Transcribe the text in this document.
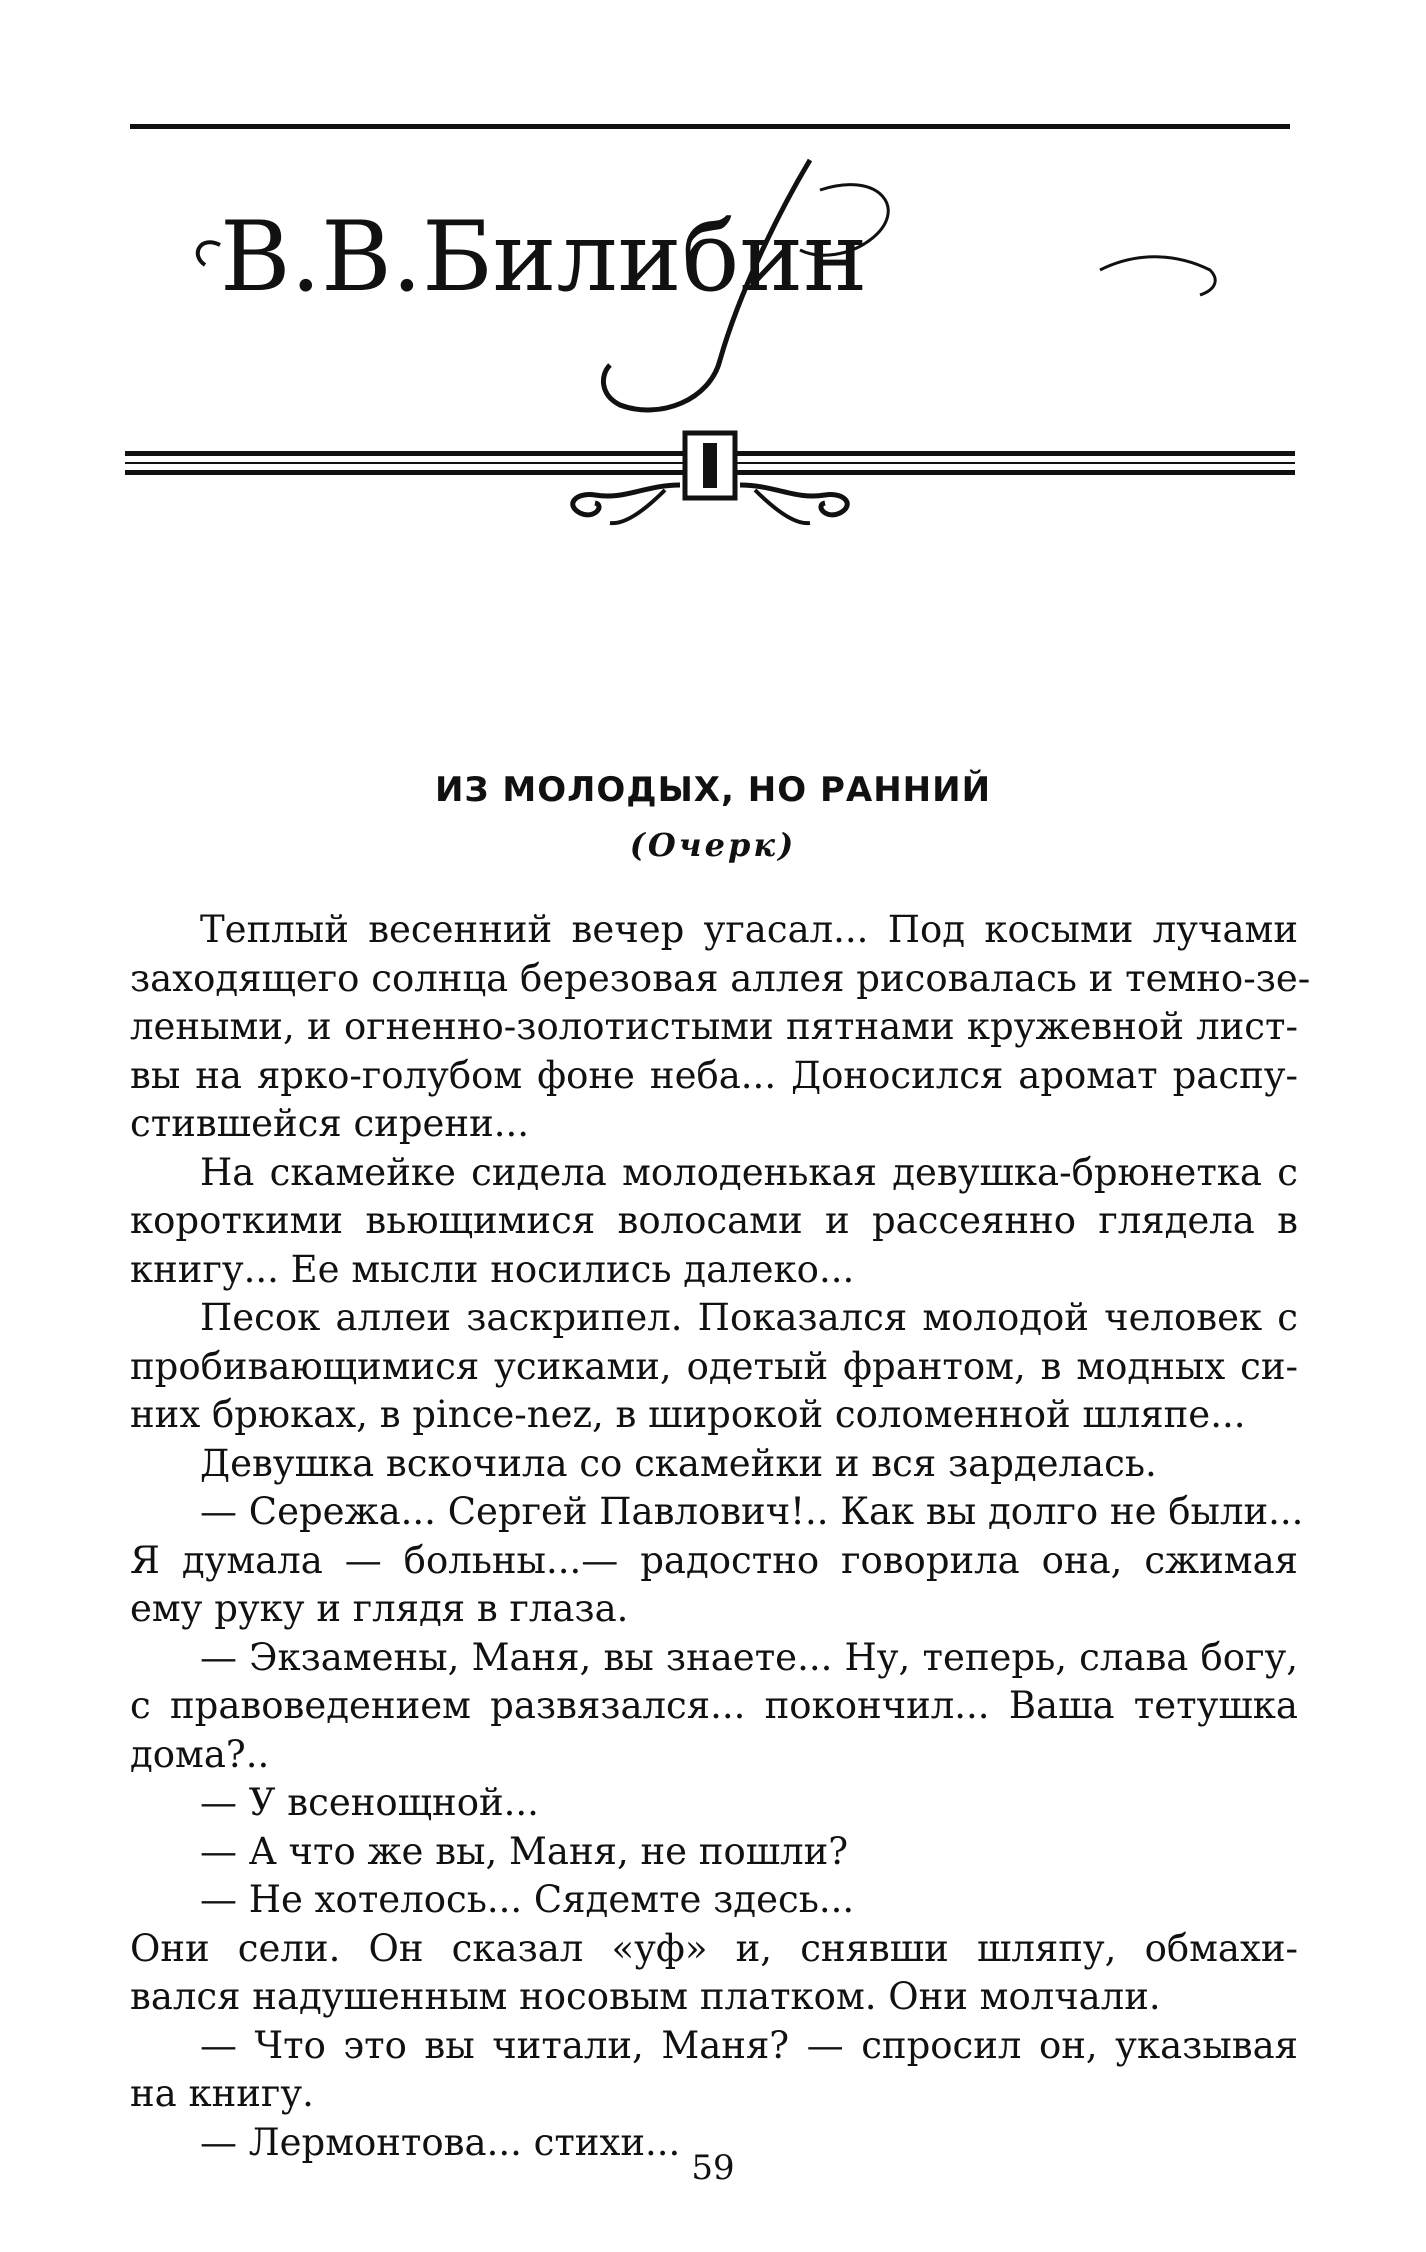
В.В.Билибин
ИЗ МОЛОДЫХ, НО РАННИЙ
(Очерк)
Теплый весенний вечер угасал... Под косыми лучами
заходящего солнца березовая аллея рисовалась и темно-зе-
леными, и огненно-золотистыми пятнами кружевной лист-
вы на ярко-голубом фоне неба... Доносился аромат распу-
стившейся сирени...
На скамейке сидела молоденькая девушка-брюнетка с
короткими вьющимися волосами и рассеянно глядела в
книгу... Ее мысли носились далеко...
Песок аллеи заскрипел. Показался молодой человек с
пробивающимися усиками, одетый франтом, в модных си-
них брюках, в pince-nez, в широкой соломенной шляпе...
Девушка вскочила со скамейки и вся зарделась.
— Сережа... Сергей Павлович!.. Как вы долго не были...
Я думала — больны...— радостно говорила она, сжимая
ему руку и глядя в глаза.
— Экзамены, Маня, вы знаете... Ну, теперь, слава богу,
с правоведением развязался... покончил... Ваша тетушка
дома?..
— У всенощной...
— А что же вы, Маня, не пошли?
— Не хотелось... Сядемте здесь...
Они сели. Он сказал «уф» и, снявши шляпу, обмахи-
вался надушенным носовым платком. Они молчали.
— Что это вы читали, Маня? — спросил он, указывая
на книгу.
— Лермонтова... стихи...
59
